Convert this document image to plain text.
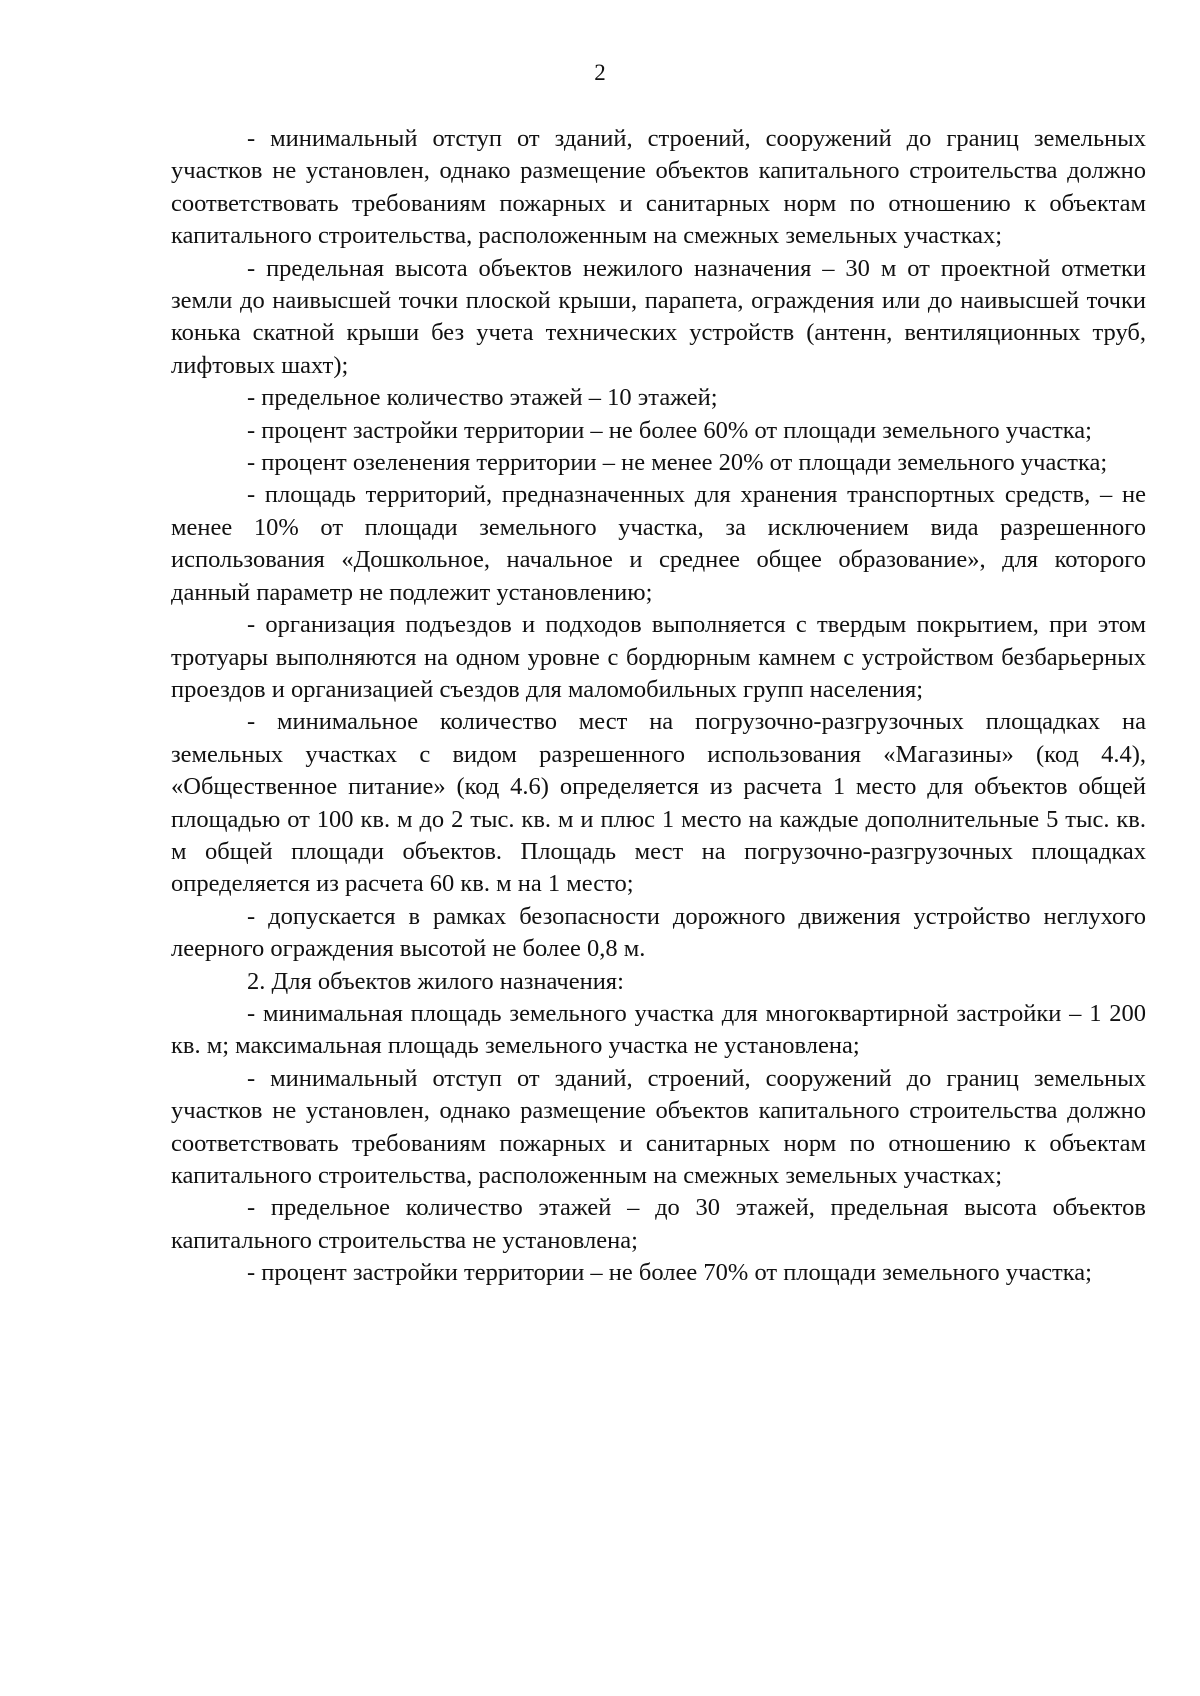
2

- минимальный отступ от зданий, строений, сооружений до границ земельных участков не установлен, однако размещение объектов капитального строительства должно соответствовать требованиям пожарных и санитарных норм по отношению к объектам капитального строительства, расположенным на смежных земельных участках;

- предельная высота объектов нежилого назначения – 30 м от проектной отметки земли до наивысшей точки плоской крыши, парапета, ограждения или до наивысшей точки конька скатной крыши без учета технических устройств (антенн, вентиляционных труб, лифтовых шахт);

- предельное количество этажей – 10 этажей;

- процент застройки территории – не более 60% от площади земельного участка;

- процент озеленения территории – не менее 20% от площади земельного участка;

- площадь территорий, предназначенных для хранения транспортных средств, – не менее 10% от площади земельного участка, за исключением вида разрешенного использования «Дошкольное, начальное и среднее общее образование», для которого данный параметр не подлежит установлению;

- организация подъездов и подходов выполняется с твердым покрытием, при этом тротуары выполняются на одном уровне с бордюрным камнем с устройством безбарьерных проездов и организацией съездов для маломобильных групп населения;

- минимальное количество мест на погрузочно-разгрузочных площадках на земельных участках с видом разрешенного использования «Магазины» (код 4.4), «Общественное питание» (код 4.6) определяется из расчета 1 место для объектов общей площадью от 100 кв. м до 2 тыс. кв. м и плюс 1 место на каждые дополнительные 5 тыс. кв. м общей площади объектов. Площадь мест на погрузочно-разгрузочных площадках определяется из расчета 60 кв. м на 1 место;

- допускается в рамках безопасности дорожного движения устройство неглухого леерного ограждения высотой не более 0,8 м.

2. Для объектов жилого назначения:

- минимальная площадь земельного участка для многоквартирной застройки – 1 200 кв. м; максимальная площадь земельного участка не установлена;

- минимальный отступ от зданий, строений, сооружений до границ земельных участков не установлен, однако размещение объектов капитального строительства должно соответствовать требованиям пожарных и санитарных норм по отношению к объектам капитального строительства, расположенным на смежных земельных участках;

- предельное количество этажей – до 30 этажей, предельная высота объектов капитального строительства не установлена;

- процент застройки территории – не более 70% от площади земельного участка;
